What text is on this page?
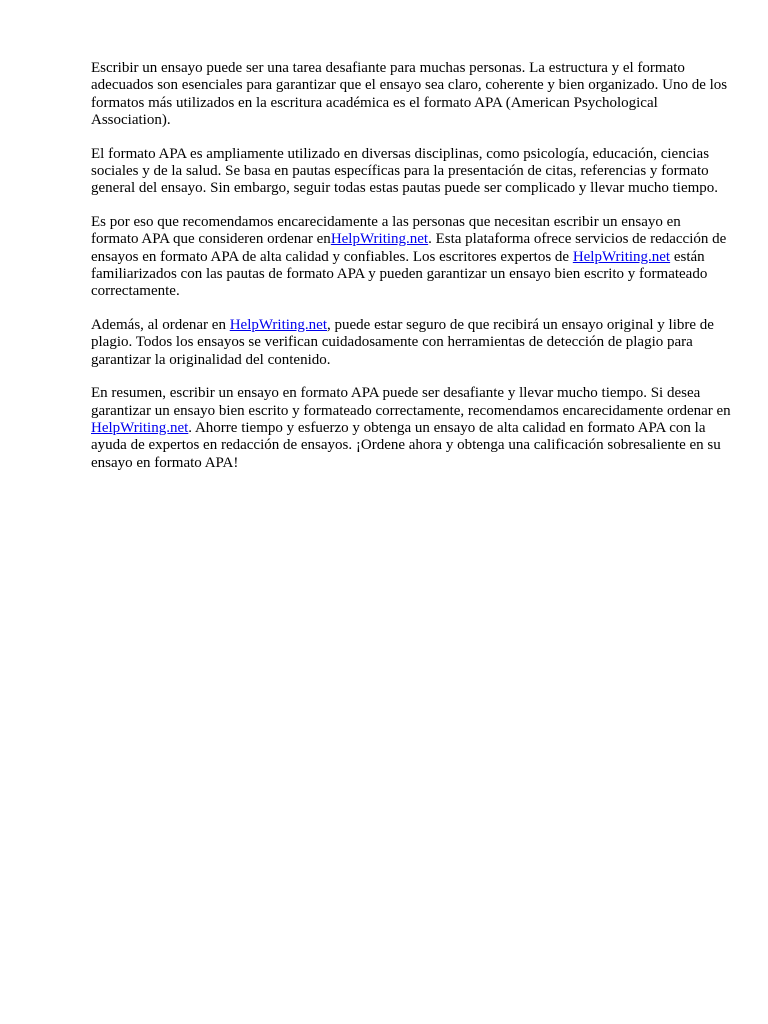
Escribir un ensayo puede ser una tarea desafiante para muchas personas. La estructura y el formato adecuados son esenciales para garantizar que el ensayo sea claro, coherente y bien organizado. Uno de los formatos más utilizados en la escritura académica es el formato APA (American Psychological Association).

El formato APA es ampliamente utilizado en diversas disciplinas, como psicología, educación, ciencias sociales y de la salud. Se basa en pautas específicas para la presentación de citas, referencias y formato general del ensayo. Sin embargo, seguir todas estas pautas puede ser complicado y llevar mucho tiempo.

Es por eso que recomendamos encarecidamente a las personas que necesitan escribir un ensayo en formato APA que consideren ordenar enHelpWriting.net. Esta plataforma ofrece servicios de redacción de ensayos en formato APA de alta calidad y confiables. Los escritores expertos de HelpWriting.net están familiarizados con las pautas de formato APA y pueden garantizar un ensayo bien escrito y formateado correctamente.

Además, al ordenar en HelpWriting.net, puede estar seguro de que recibirá un ensayo original y libre de plagio. Todos los ensayos se verifican cuidadosamente con herramientas de detección de plagio para garantizar la originalidad del contenido.

En resumen, escribir un ensayo en formato APA puede ser desafiante y llevar mucho tiempo. Si desea garantizar un ensayo bien escrito y formateado correctamente, recomendamos encarecidamente ordenar en HelpWriting.net. Ahorre tiempo y esfuerzo y obtenga un ensayo de alta calidad en formato APA con la ayuda de expertos en redacción de ensayos. ¡Ordene ahora y obtenga una calificación sobresaliente en su ensayo en formato APA!
